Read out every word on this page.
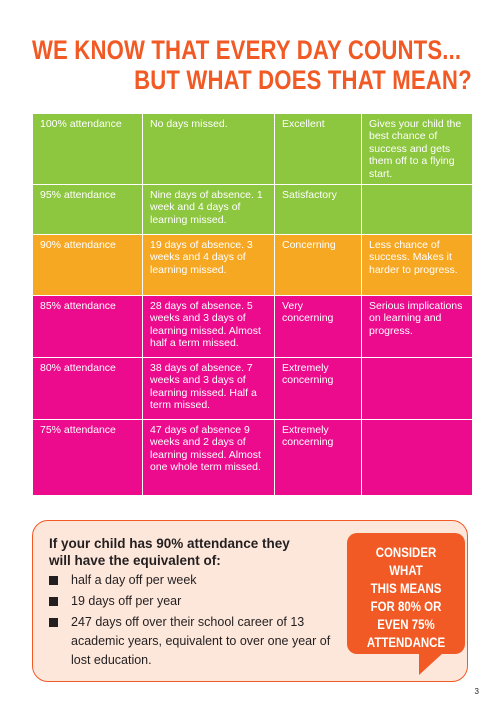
WE KNOW THAT EVERY DAY COUNTS...
BUT WHAT DOES THAT MEAN?
100% attendance	No days missed.	Excellent	Gives your child the best chance of success and gets them off to a flying start.
95% attendance	Nine days of absence. 1 week and 4 days of learning missed.	Satisfactory	
90% attendance	19 days of absence. 3 weeks and 4 days of learning missed.	Concerning	Less chance of success. Makes it harder to progress.
85% attendance	28 days of absence. 5 weeks and 3 days of learning missed. Almost half a term missed.	Very concerning	Serious implications on learning and progress.
80% attendance	38 days of absence. 7 weeks and 3 days of learning missed. Half a term missed.	Extremely concerning	
75% attendance	47 days of absence 9 weeks and 2 days of learning missed. Almost one whole term missed.	Extremely concerning	

If your child has 90% attendance they will have the equivalent of:

half a day off per week
19 days off per year
247 days off over their school career of 13 academic years, equivalent to over one year of lost education.

CONSIDER WHAT
THIS MEANS
FOR 80% OR
EVEN 75%
ATTENDANCE

3
